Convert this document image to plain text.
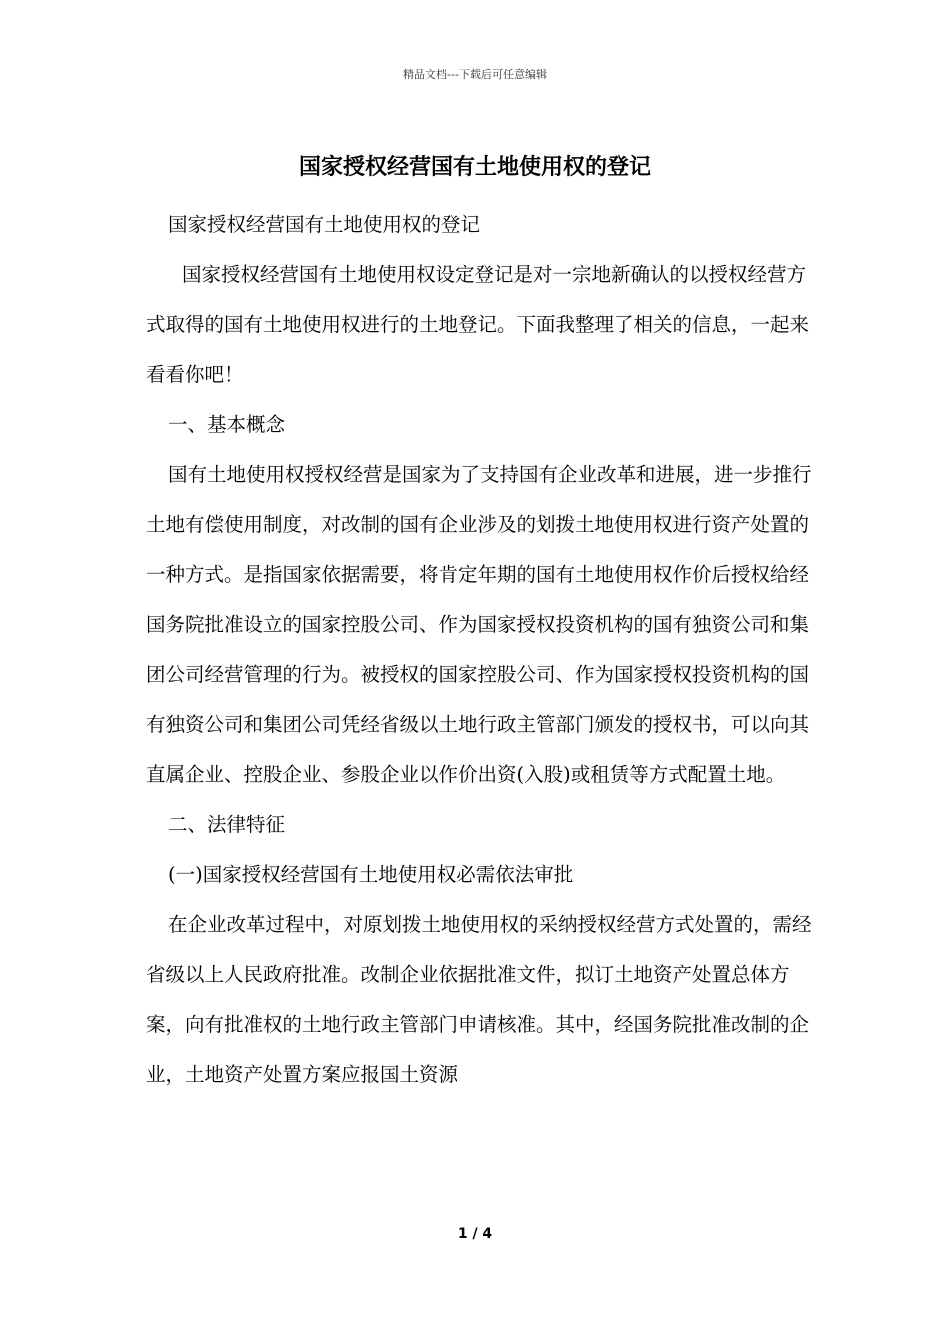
精品文档---下载后可任意编辑
国家授权经营国有土地使用权的登记

国家授权经营国有土地使用权的登记

国家授权经营国有土地使用权设定登记是对一宗地新确认的以授权经营方式取得的国有土地使用权进行的土地登记。下面我整理了相关的信息，一起来看看你吧！

一、基本概念

国有土地使用权授权经营是国家为了支持国有企业改革和进展，进一步推行土地有偿使用制度，对改制的国有企业涉及的划拨土地使用权进行资产处置的一种方式。是指国家依据需要，将肯定年期的国有土地使用权作价后授权给经国务院批准设立的国家控股公司、作为国家授权投资机构的国有独资公司和集团公司经营管理的行为。被授权的国家控股公司、作为国家授权投资机构的国有独资公司和集团公司凭经省级以土地行政主管部门颁发的授权书，可以向其直属企业、控股企业、参股企业以作价出资(入股)或租赁等方式配置土地。

二、法律特征

(一)国家授权经营国有土地使用权必需依法审批

在企业改革过程中，对原划拨土地使用权的采纳授权经营方式处置的，需经省级以上人民政府批准。改制企业依据批准文件，拟订土地资产处置总体方案，向有批准权的土地行政主管部门申请核准。其中，经国务院批准改制的企业，土地资产处置方案应报国土资源

1 / 4
